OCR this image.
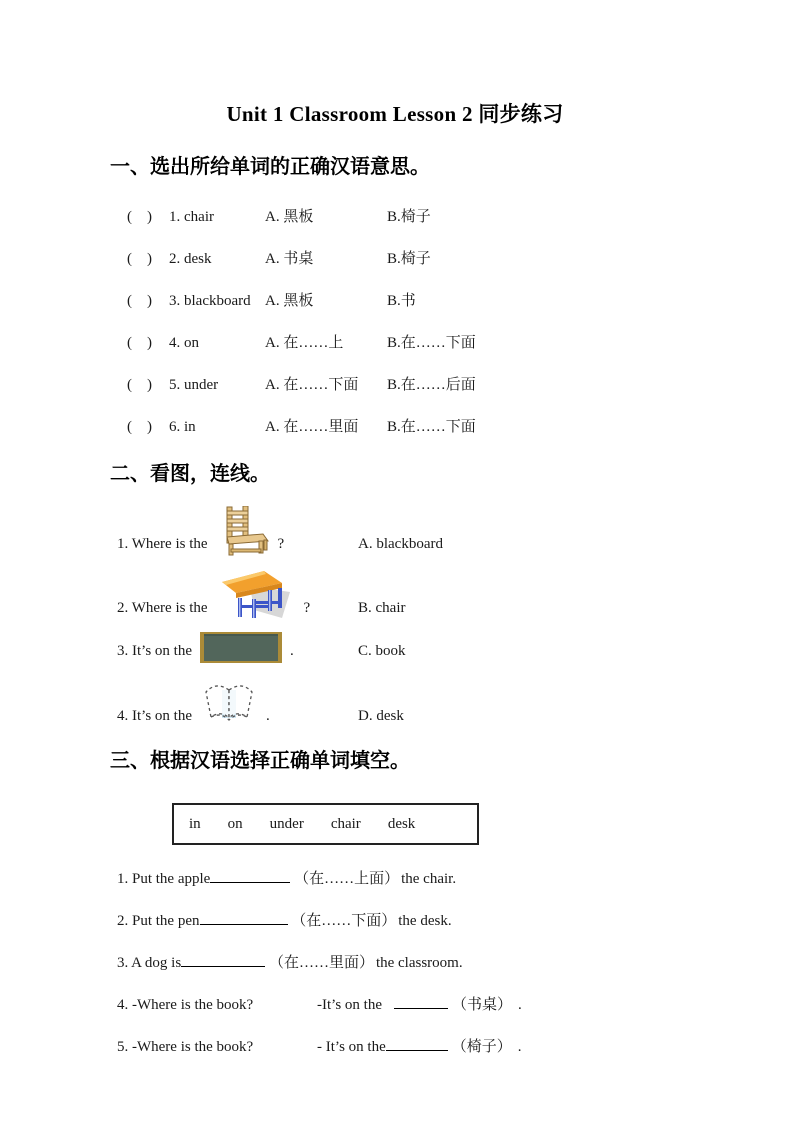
Unit 1 Classroom Lesson 2 同步练习
一、选出所给单词的正确汉语意思。
(    )	1. chair	A. 黑板	B.椅子
(    )	2. desk	A. 书桌	B.椅子
(    )	3. blackboard A. 黑板	B.书
(    )	4. on	A. 在……上	B.在……下面
(    )	5. under	A. 在……下面	B.在……后面
(    )	6. in	A. 在……里面	B.在……下面
二、看图，连线。
1. Where is the	?	A. blackboard
2. Where is the	?	B. chair
3. It’s on the	.	C. book
4. It’s on the	.	D. desk
三、根据汉语选择正确单词填空。
in on under chair desk
1. Put the apple	（在……上面） the chair.
2. Put the pen	（在……下面） the desk.
3. A dog is	（在……里面） the classroom.
4. -Where is the book?	-It’s on the	（书桌） .
5. -Where is the book?	- It’s on the	（椅子） .
